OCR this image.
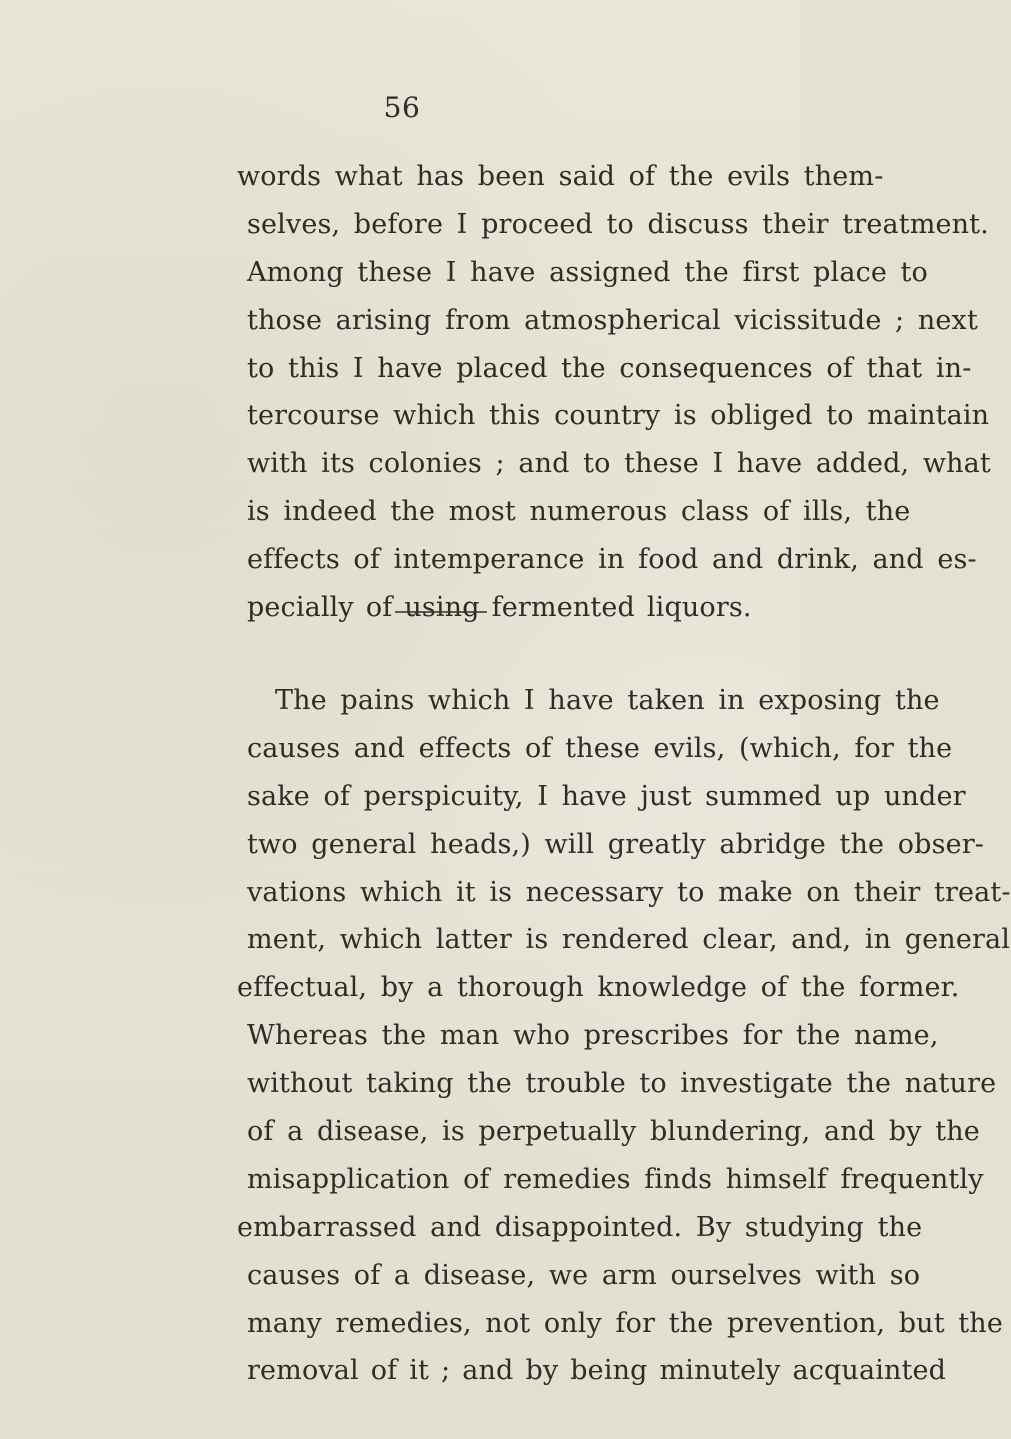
56
words what has been said of the evils them-
selves, before I proceed to discuss their treatment.
Among these I have assigned the first place to
those arising from atmospherical vicissitude ; next
to this I have placed the consequences of that in-
tercourse which this country is obliged to maintain
with its colonies ; and to these I have added, what
is indeed the most numerous class of ills, the
effects of intemperance in food and drink, and es-
pecially of using fermented liquors.
The pains which I have taken in exposing the
causes and effects of these evils, (which, for the
sake of perspicuity, I have just summed up under
two general heads,) will greatly abridge the obser-
vations which it is necessary to make on their treat-
ment, which latter is rendered clear, and, in general
effectual, by a thorough knowledge of the former.
Whereas the man who prescribes for the name,
without taking the trouble to investigate the nature
of a disease, is perpetually blundering, and by the
misapplication of remedies finds himself frequently
embarrassed and disappointed. By studying the
causes of a disease, we arm ourselves with so
many remedies, not only for the prevention, but the
removal of it ; and by being minutely acquainted
